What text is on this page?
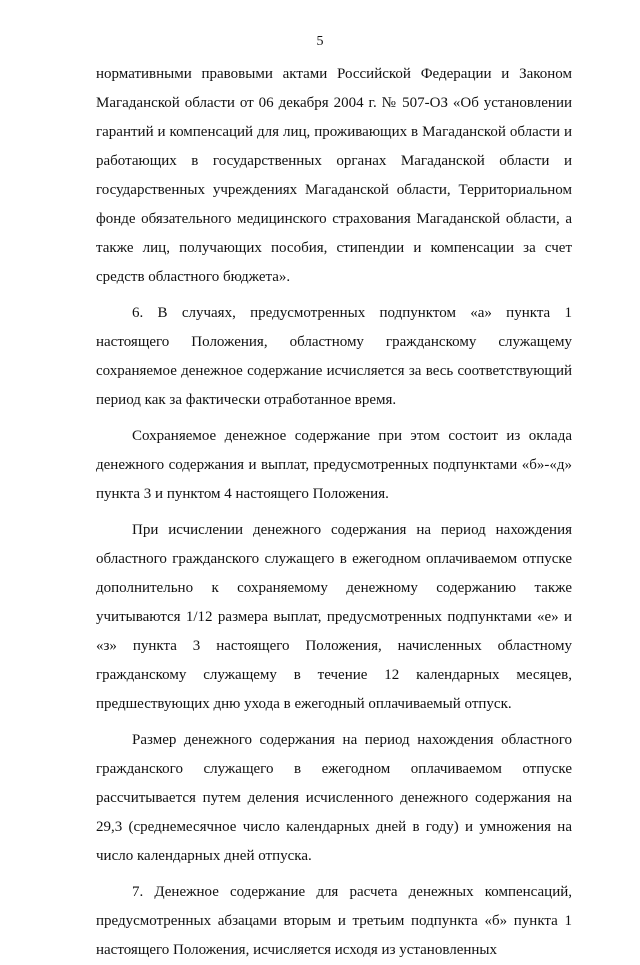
5

нормативными правовыми актами Российской Федерации и Законом Магаданской области от 06 декабря 2004 г. № 507-ОЗ «Об установлении гарантий и компенсаций для лиц, проживающих в Магаданской области и работающих в государственных органах Магаданской области и государственных учреждениях Магаданской области, Территориальном фонде обязательного медицинского страхования Магаданской области, а также лиц, получающих пособия, стипендии и компенсации за счет средств областного бюджета».

6. В случаях, предусмотренных подпунктом «а» пункта 1 настоящего Положения, областному гражданскому служащему сохраняемое денежное содержание исчисляется за весь соответствующий период как за фактически отработанное время.

Сохраняемое денежное содержание при этом состоит из оклада денежного содержания и выплат, предусмотренных подпунктами «б»-«д» пункта 3 и пунктом 4 настоящего Положения.

При исчислении денежного содержания на период нахождения областного гражданского служащего в ежегодном оплачиваемом отпуске дополнительно к сохраняемому денежному содержанию также учитываются 1/12 размера выплат, предусмотренных подпунктами «е» и «з» пункта 3 настоящего Положения, начисленных областному гражданскому служащему в течение 12 календарных месяцев, предшествующих дню ухода в ежегодный оплачиваемый отпуск.

Размер денежного содержания на период нахождения областного гражданского служащего в ежегодном оплачиваемом отпуске рассчитывается путем деления исчисленного денежного содержания на 29,3 (среднемесячное число календарных дней в году) и умножения на число календарных дней отпуска.

7. Денежное содержание для расчета денежных компенсаций, предусмотренных абзацами вторым и третьим подпункта «б» пункта 1 настоящего Положения, исчисляется исходя из установленных
